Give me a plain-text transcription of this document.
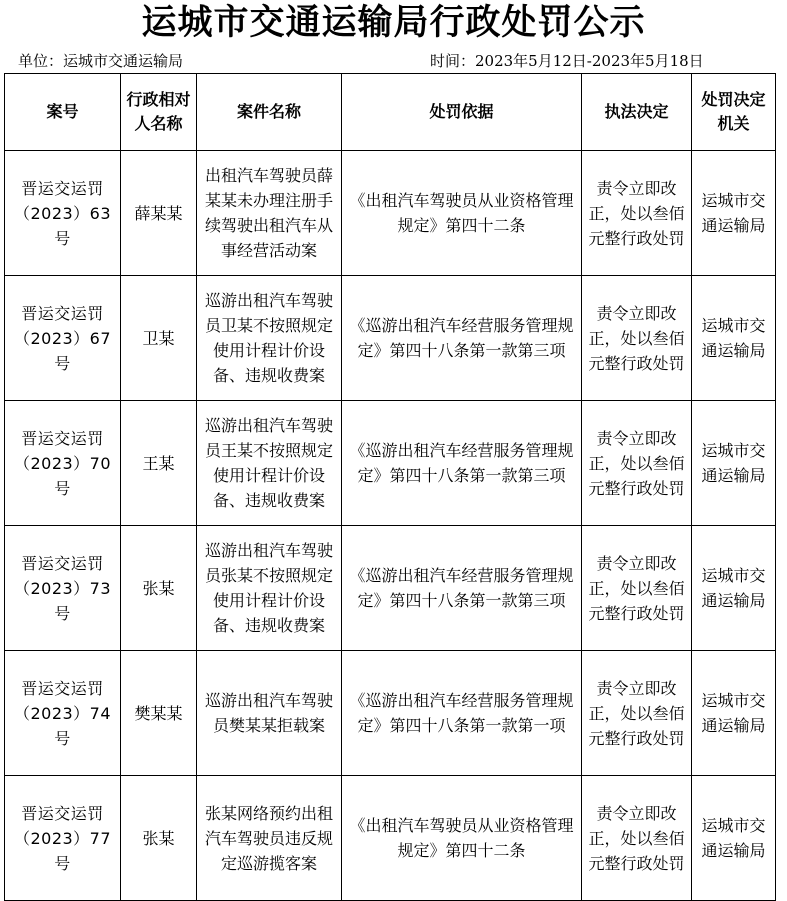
运城市交通运输局行政处罚公示
单位：运城市交通运输局	时间：2023年5月12日-2023年5月18日
案号	行政相对人名称	案件名称	处罚依据	执法决定	处罚决定机关
晋运交运罚（2023）63号	薛某某	出租汽车驾驶员薛某某未办理注册手续驾驶出租汽车从事经营活动案	《出租汽车驾驶员从业资格管理规定》第四十二条	责令立即改正，处以叁佰元整行政处罚	运城市交通运输局
晋运交运罚（2023）67号	卫某	巡游出租汽车驾驶员卫某不按照规定使用计程计价设备、违规收费案	《巡游出租汽车经营服务管理规定》第四十八条第一款第三项	责令立即改正，处以叁佰元整行政处罚	运城市交通运输局
晋运交运罚（2023）70号	王某	巡游出租汽车驾驶员王某不按照规定使用计程计价设备、违规收费案	《巡游出租汽车经营服务管理规定》第四十八条第一款第三项	责令立即改正，处以叁佰元整行政处罚	运城市交通运输局
晋运交运罚（2023）73号	张某	巡游出租汽车驾驶员张某不按照规定使用计程计价设备、违规收费案	《巡游出租汽车经营服务管理规定》第四十八条第一款第三项	责令立即改正，处以叁佰元整行政处罚	运城市交通运输局
晋运交运罚（2023）74号	樊某某	巡游出租汽车驾驶员樊某某拒载案	《巡游出租汽车经营服务管理规定》第四十八条第一款第一项	责令立即改正，处以叁佰元整行政处罚	运城市交通运输局
晋运交运罚（2023）77号	张某	张某网络预约出租汽车驾驶员违反规定巡游揽客案	《出租汽车驾驶员从业资格管理规定》第四十二条	责令立即改正，处以叁佰元整行政处罚	运城市交通运输局
